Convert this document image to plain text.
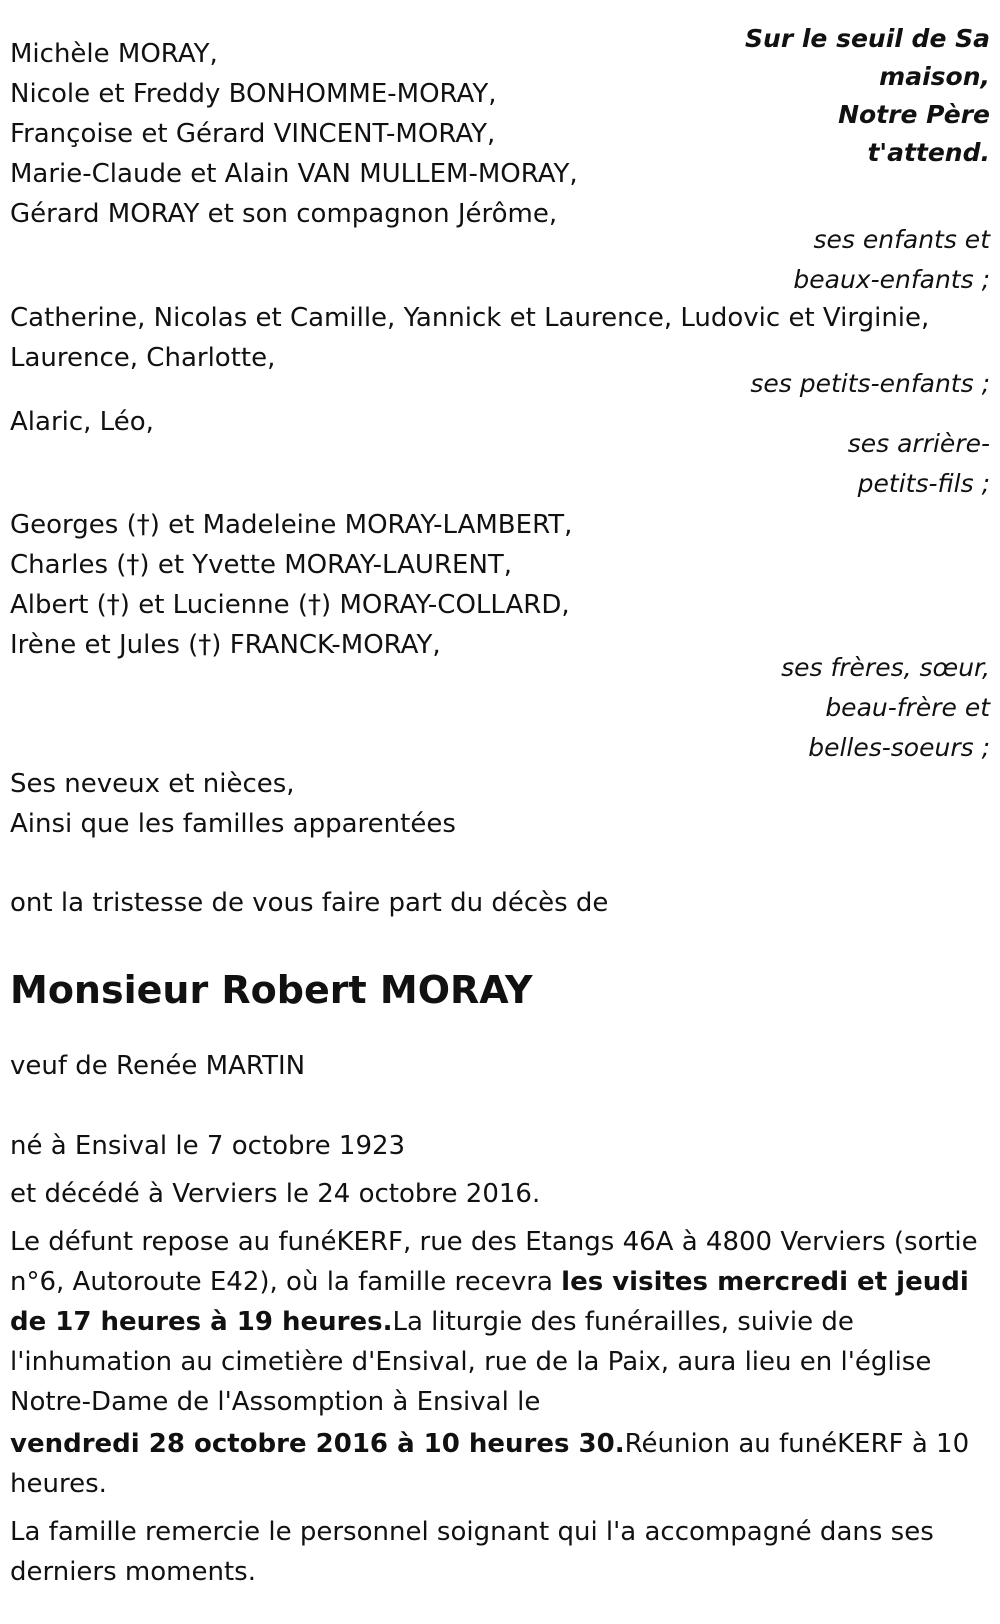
Sur le seuil de Sa
maison,
Notre Père
t'attend.
Michèle MORAY,
Nicole et Freddy BONHOMME-MORAY,
Françoise et Gérard VINCENT-MORAY,
Marie-Claude et Alain VAN MULLEM-MORAY,
Gérard MORAY et son compagnon Jérôme,
ses enfants et
beaux-enfants ;
Catherine, Nicolas et Camille, Yannick et Laurence, Ludovic et Virginie,
Laurence, Charlotte,
ses petits-enfants ;
Alaric, Léo,
ses arrière-
petits-fils ;
Georges (†) et Madeleine MORAY-LAMBERT,
Charles (†) et Yvette MORAY-LAURENT,
Albert (†) et Lucienne (†) MORAY-COLLARD,
Irène et Jules (†) FRANCK-MORAY,
ses frères, sœur,
beau-frère et
belles-soeurs ;
Ses neveux et nièces,
Ainsi que les familles apparentées
ont la tristesse de vous faire part du décès de
Monsieur Robert MORAY
veuf de Renée MARTIN
né à Ensival le 7 octobre 1923
et décédé à Verviers le 24 octobre 2016.
Le défunt repose au funéKERF, rue des Etangs 46A à 4800 Verviers (sortie n°6, Autoroute E42), où la famille recevra les visites mercredi et jeudi de 17 heures à 19 heures.La liturgie des funérailles, suivie de l'inhumation au cimetière d'Ensival, rue de la Paix, aura lieu en l'église Notre-Dame de l'Assomption à Ensival le
vendredi 28 octobre 2016 à 10 heures 30.Réunion au funéKERF à 10 heures.
La famille remercie le personnel soignant qui l'a accompagné dans ses derniers moments.
